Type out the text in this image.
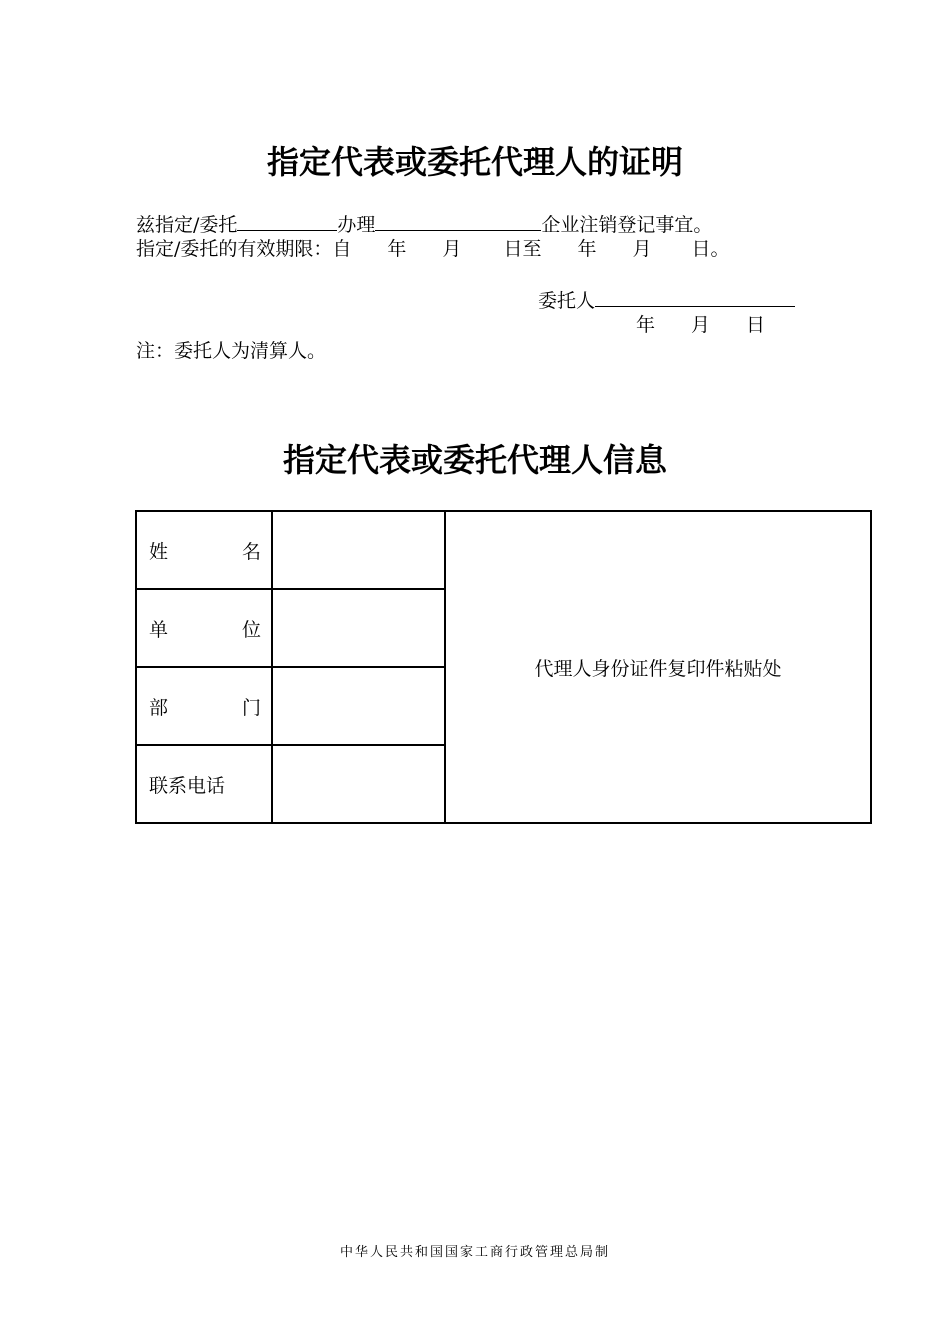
指定代表或委托代理人的证明

兹指定/委托	办理	企业注销登记事宜。

指定/委托的有效期限：自 年 月 日至 年 月 日。

委托人
年 月 日

注：委托人为清算人。

指定代表或委托代理人信息
姓 名		代理人身份证件复印件粘贴处

单 位		

部 门		

联系电话		
中华人民共和国国家工商行政管理总局制
